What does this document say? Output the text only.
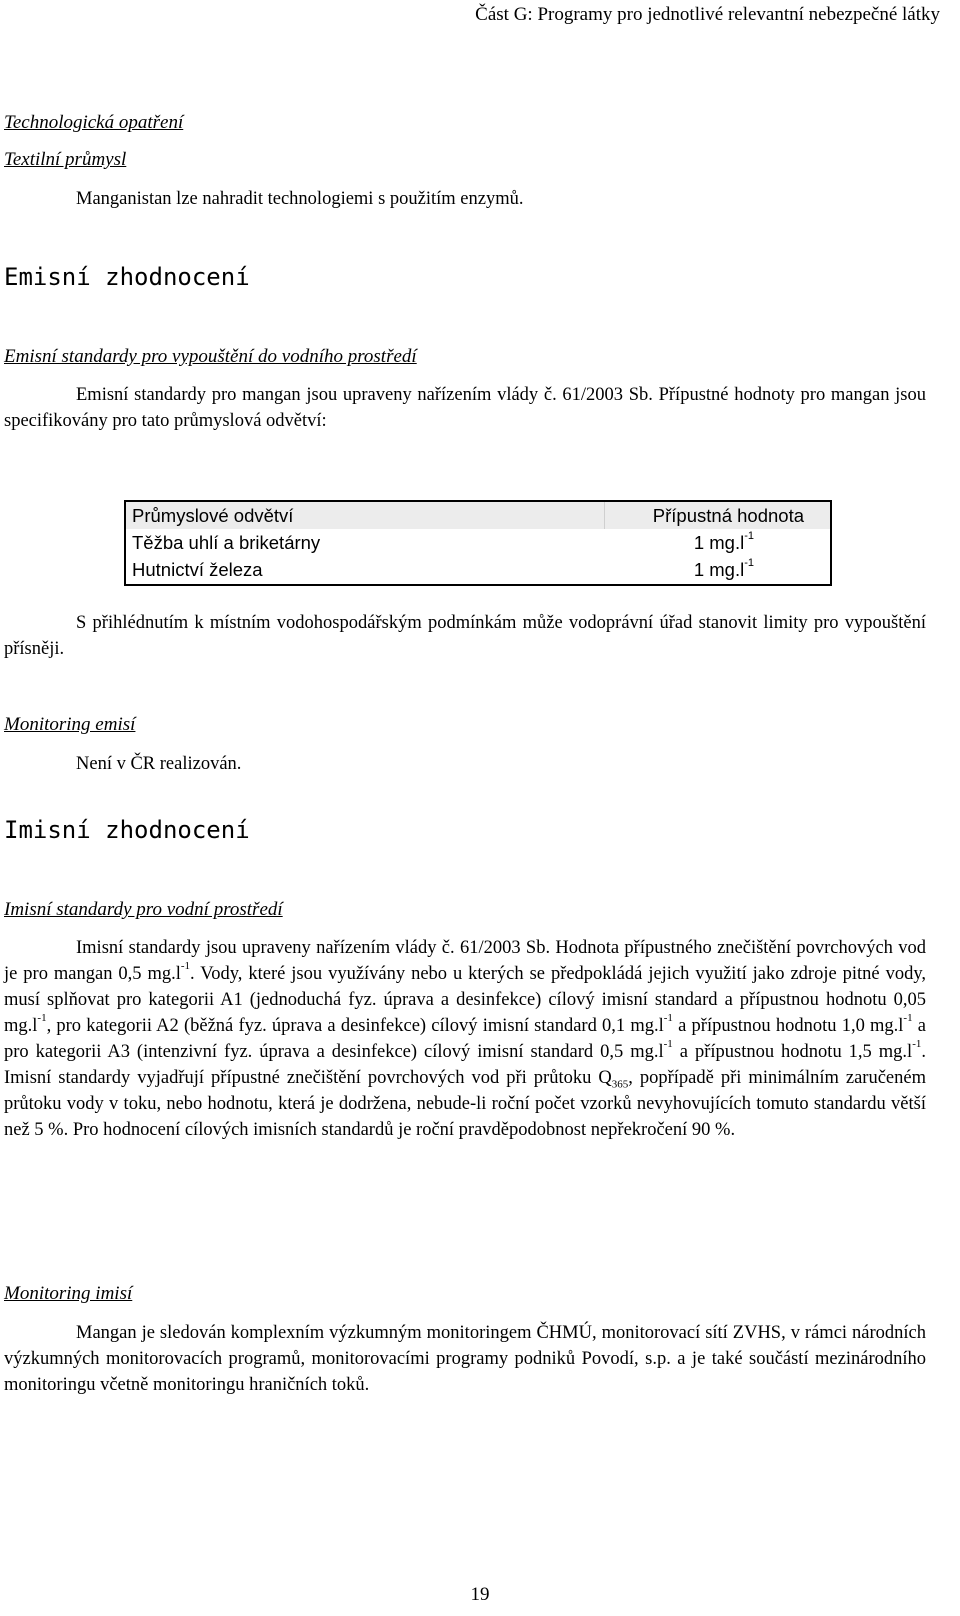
Část G: Programy pro jednotlivé relevantní nebezpečné látky
Technologická opatření
Textilní průmysl
Manganistan lze nahradit technologiemi s použitím enzymů.
Emisní zhodnocení
Emisní standardy pro vypouštění do vodního prostředí
Emisní standardy pro mangan jsou upraveny nařízením vlády č. 61/2003 Sb. Přípustné hodnoty pro mangan jsou specifikovány pro tato průmyslová odvětví:
Průmyslové odvětví	Přípustná hodnota
Těžba uhlí a briketárny	1 $mg.l^{-1}$
Hutnictví železa	1 $mg.l^{-1}$
S přihlédnutím k místním vodohospodářským podmínkám může vodoprávní úřad stanovit limity pro vypouštění přísněji.
Monitoring emisí
Není v ČR realizován.
Imisní zhodnocení
Imisní standardy pro vodní prostředí
Imisní standardy jsou upraveny nařízením vlády č. 61/2003 Sb. Hodnota přípustného znečištění povrchových vod je pro mangan 0,5 $mg.l^{-1}$. Vody, které jsou využívány nebo u kterých se předpokládá jejich využití jako zdroje pitné vody, musí splňovat pro kategorii A1 (jednoduchá fyz. úprava a desinfekce) cílový imisní standard a přípustnou hodnotu 0,05 $mg.l^{-1}$, pro kategorii A2 (běžná fyz. úprava a desinfekce) cílový imisní standard 0,1 $mg.l^{-1}$ a přípustnou hodnotu 1,0 $mg.l^{-1}$ a pro kategorii A3 (intenzivní fyz. úprava a desinfekce) cílový imisní standard 0,5 $mg.l^{-1}$ a přípustnou hodnotu 1,5 $mg.l^{-1}$. Imisní standardy vyjadřují přípustné znečištění povrchových vod při průtoku $Q_{365}$, popřípadě při minimálním zaručeném průtoku vody v toku, nebo hodnotu, která je dodržena, nebude-li roční počet vzorků nevyhovujících tomuto standardu větší než 5 %. Pro hodnocení cílových imisních standardů je roční pravděpodobnost nepřekročení 90 %.
Monitoring imisí
Mangan je sledován komplexním výzkumným monitoringem ČHMÚ, monitorovací sítí ZVHS, v rámci národních výzkumných monitorovacích programů, monitorovacími programy podniků Povodí, s.p. a je také součástí mezinárodního monitoringu včetně monitoringu hraničních toků.
19
